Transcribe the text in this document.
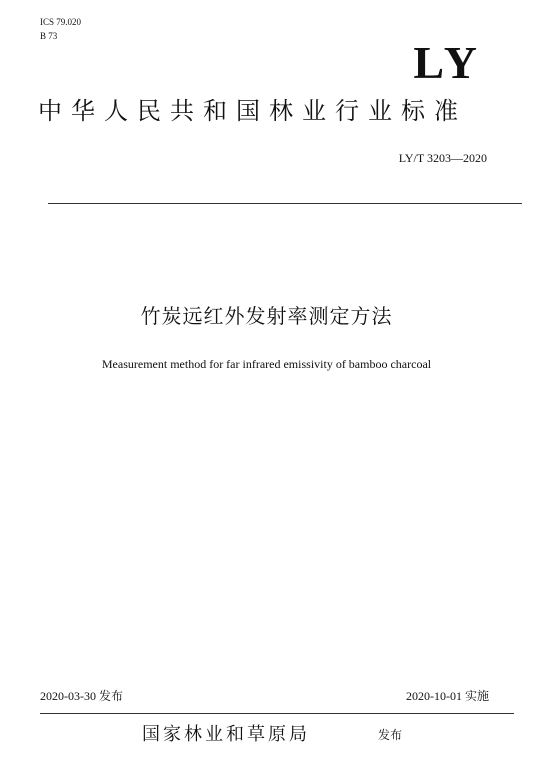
ICS 79.020
B 73
LY
中华人民共和国林业行业标准
LY/T 3203—2020
竹炭远红外发射率测定方法
Measurement method for far infrared emissivity of bamboo charcoal
2020-03-30 发布	2020-10-01 实施
国家林业和草原局	发布
